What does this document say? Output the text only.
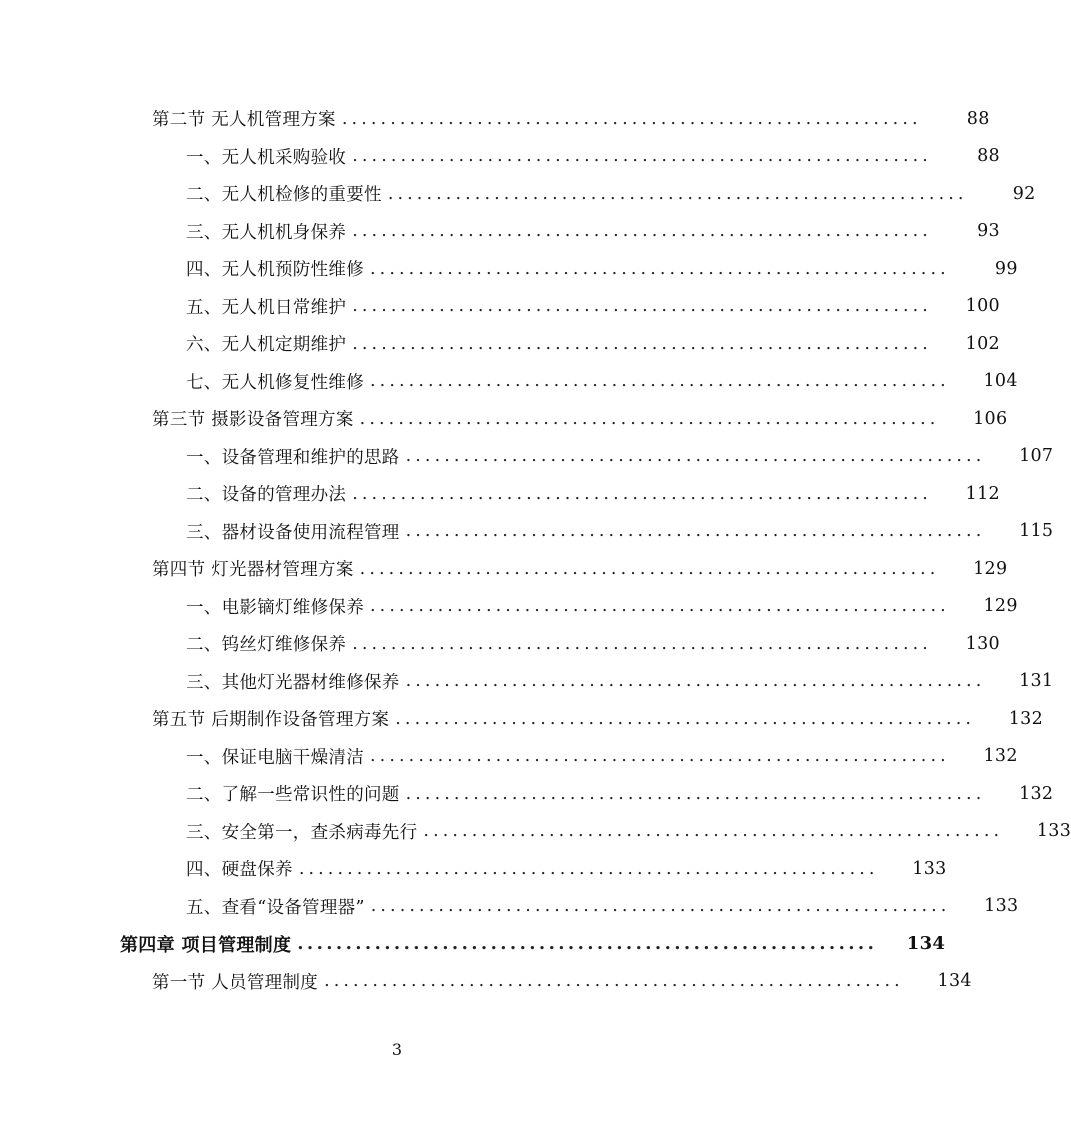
第二节 无人机管理方案 ............................................................	88
一、无人机采购验收 ............................................................	88
二、无人机检修的重要性 ............................................................	92
三、无人机机身保养 ............................................................	93
四、无人机预防性维修 ............................................................	99
五、无人机日常维护 ............................................................	100
六、无人机定期维护 ............................................................	102
七、无人机修复性维修 ............................................................	104
第三节 摄影设备管理方案 ............................................................	106
一、设备管理和维护的思路 ............................................................	107
二、设备的管理办法 ............................................................	112
三、器材设备使用流程管理 ............................................................	115
第四节 灯光器材管理方案 ............................................................	129
一、电影镝灯维修保养 ............................................................	129
二、钨丝灯维修保养 ............................................................	130
三、其他灯光器材维修保养 ............................................................	131
第五节 后期制作设备管理方案 ............................................................	132
一、保证电脑干燥清洁 ............................................................	132
二、了解一些常识性的问题 ............................................................	132
三、安全第一，查杀病毒先行 ............................................................	133
四、硬盘保养 ............................................................	133
五、查看“设备管理器” ............................................................	133
第四章 项目管理制度 ............................................................	134
第一节 人员管理制度 ............................................................	134
3
